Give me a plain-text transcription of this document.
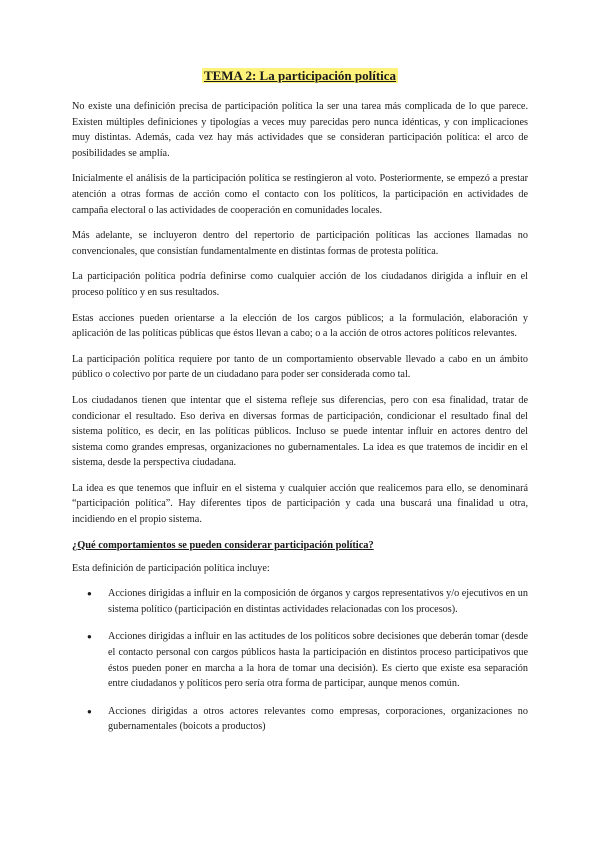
TEMA 2: La participación política

No existe una definición precisa de participación política la ser una tarea más complicada de lo que parece. Existen múltiples definiciones y tipologías a veces muy parecidas pero nunca idénticas, y con implicaciones muy distintas. Además, cada vez hay más actividades que se consideran participación política: el arco de posibilidades se amplía.

Inicialmente el análisis de la participación política se restingieron al voto. Posteriormente, se empezó a prestar atención a otras formas de acción como el contacto con los políticos, la participación en actividades de campaña electoral o las actividades de cooperación en comunidades locales.

Más adelante, se incluyeron dentro del repertorio de participación políticas las acciones llamadas no convencionales, que consistían fundamentalmente en distintas formas de protesta política.

La participación política podría definirse como cualquier acción de los ciudadanos dirigida a influir en el proceso político y en sus resultados.

Estas acciones pueden orientarse a la elección de los cargos públicos; a la formulación, elaboración y aplicación de las políticas públicas que éstos llevan a cabo; o a la acción de otros actores políticos relevantes.

La participación política requiere por tanto de un comportamiento observable llevado a cabo en un ámbito público o colectivo por parte de un ciudadano para poder ser considerada como tal.

Los ciudadanos tienen que intentar que el sistema refleje sus diferencias, pero con esa finalidad, tratar de condicionar el resultado. Eso deriva en diversas formas de participación, condicionar el resultado final del sistema político, es decir, en las políticas públicos. Incluso se puede intentar influir en actores dentro del sistema como grandes empresas, organizaciones no gubernamentales. La idea es que tratemos de incidir en el sistema, desde la perspectiva ciudadana.

La idea es que tenemos que influir en el sistema y cualquier acción que realicemos para ello, se denominará “participación política”. Hay diferentes tipos de participación y cada una buscará una finalidad u otra, incidiendo en el propio sistema.

¿Qué comportamientos se pueden considerar participación política?

Esta definición de participación política incluye:

● Acciones dirigidas a influir en la composición de órganos y cargos representativos y/o ejecutivos en un sistema político (participación en distintas actividades relacionadas con los procesos).
● Acciones dirigidas a influir en las actitudes de los políticos sobre decisiones que deberán tomar (desde el contacto personal con cargos públicos hasta la participación en distintos proceso participativos que éstos pueden poner en marcha a la hora de tomar una decisión). Es cierto que existe esa separación entre ciudadanos y políticos pero sería otra forma de participar, aunque menos común.
● Acciones dirigidas a otros actores relevantes como empresas, corporaciones, organizaciones no gubernamentales (boicots a productos)
